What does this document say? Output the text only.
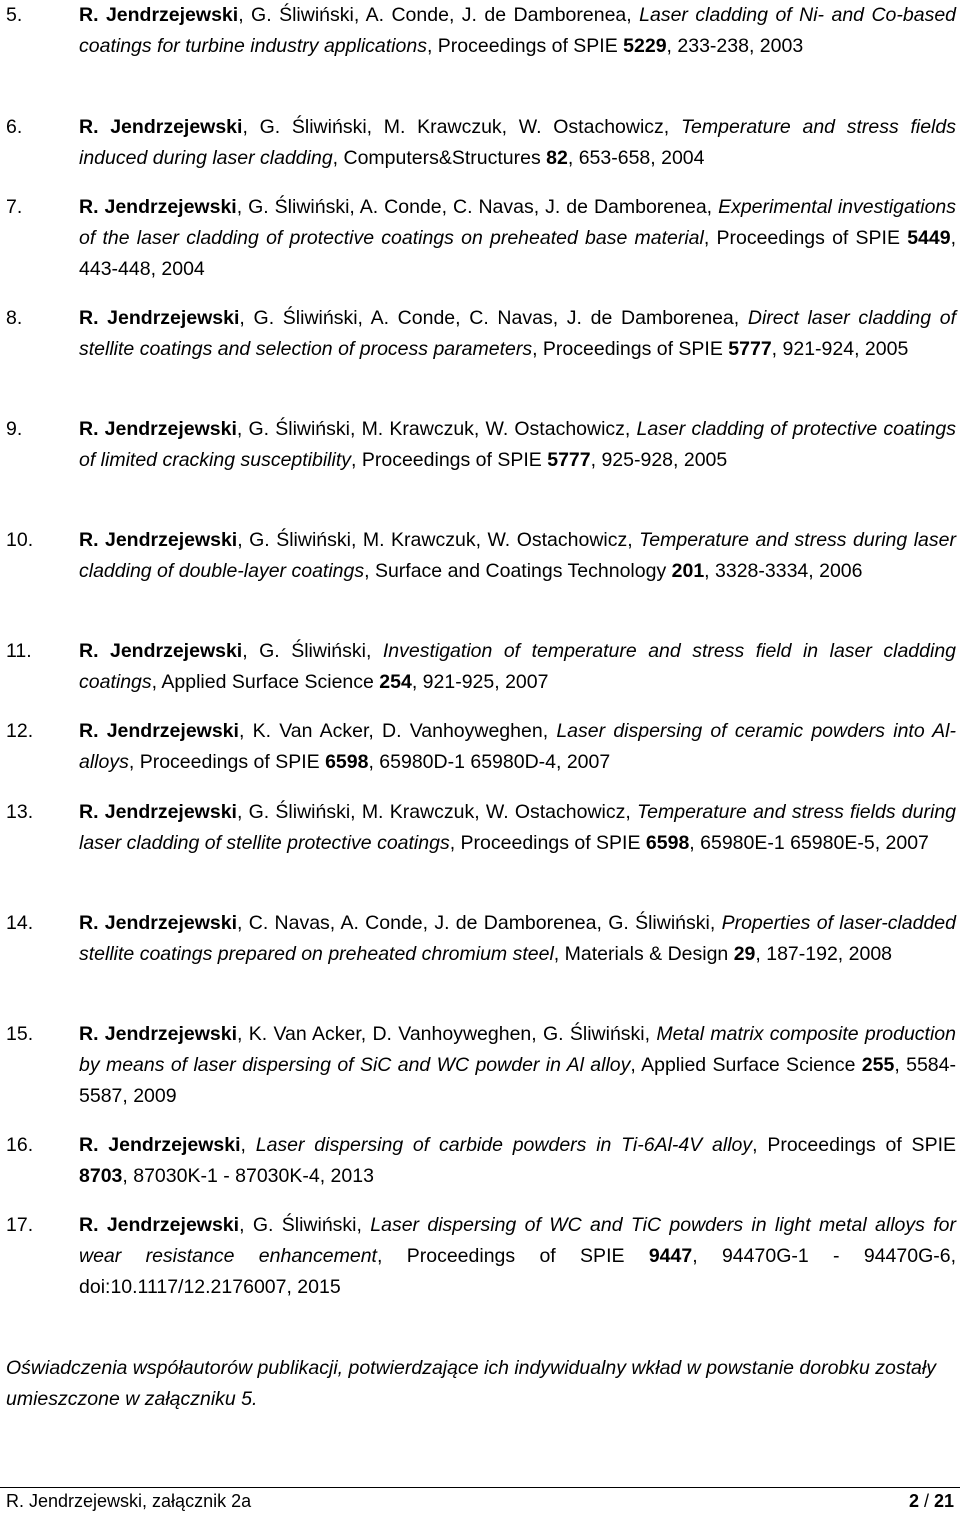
5.	R. Jendrzejewski, G. Śliwiński, A. Conde, J. de Damborenea, Laser cladding of Ni- and Co-based coatings for turbine industry applications, Proceedings of SPIE 5229, 233-238, 2003
6.	R. Jendrzejewski, G. Śliwiński, M. Krawczuk, W. Ostachowicz, Temperature and stress fields induced during laser cladding, Computers&Structures 82, 653-658, 2004
7.	R. Jendrzejewski, G. Śliwiński, A. Conde, C. Navas, J. de Damborenea, Experimental investigations of the laser cladding of protective coatings on preheated base material, Proceedings of SPIE 5449, 443-448, 2004
8.	R. Jendrzejewski, G. Śliwiński, A. Conde, C. Navas, J. de Damborenea, Direct laser cladding of stellite coatings and selection of process parameters, Proceedings of SPIE 5777, 921-924, 2005
9.	R. Jendrzejewski, G. Śliwiński, M. Krawczuk, W. Ostachowicz, Laser cladding of protective coatings of limited cracking susceptibility, Proceedings of SPIE 5777, 925-928, 2005
10.	R. Jendrzejewski, G. Śliwiński, M. Krawczuk, W. Ostachowicz, Temperature and stress during laser cladding of double-layer coatings, Surface and Coatings Technology 201, 3328-3334, 2006
11.	R. Jendrzejewski, G. Śliwiński, Investigation of temperature and stress field in laser cladding coatings, Applied Surface Science 254, 921-925, 2007
12.	R. Jendrzejewski, K. Van Acker, D. Vanhoyweghen, Laser dispersing of ceramic powders into Al-alloys, Proceedings of SPIE 6598, 65980D-1 65980D-4, 2007
13.	R. Jendrzejewski, G. Śliwiński, M. Krawczuk, W. Ostachowicz, Temperature and stress fields during laser cladding of stellite protective coatings, Proceedings of SPIE 6598, 65980E-1 65980E-5, 2007
14.	R. Jendrzejewski, C. Navas, A. Conde, J. de Damborenea, G. Śliwiński, Properties of laser-cladded stellite coatings prepared on preheated chromium steel, Materials & Design 29, 187-192, 2008
15.	R. Jendrzejewski, K. Van Acker, D. Vanhoyweghen, G. Śliwiński, Metal matrix composite production by means of laser dispersing of SiC and WC powder in Al alloy, Applied Surface Science 255, 5584-5587, 2009
16.	R. Jendrzejewski, Laser dispersing of carbide powders in Ti-6Al-4V alloy, Proceedings of SPIE 8703, 87030K-1 - 87030K-4, 2013
17.	R. Jendrzejewski, G. Śliwiński, Laser dispersing of WC and TiC powders in light metal alloys for wear resistance enhancement, Proceedings of SPIE 9447, 94470G-1 - 94470G-6, doi:10.1117/12.2176007, 2015
Oświadczenia współautorów publikacji, potwierdzające ich indywidualny wkład w powstanie dorobku zostały umieszczone w załączniku 5.
R. Jendrzejewski, załącznik 2a	2 / 21
